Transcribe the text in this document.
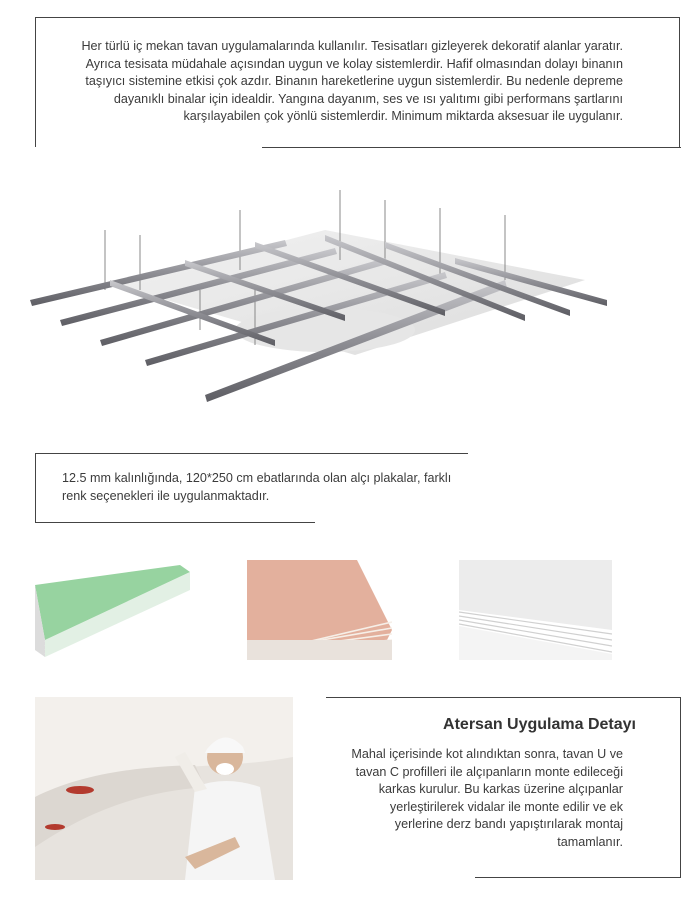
Her türlü iç mekan tavan uygulamalarında kullanılır. Tesisatları gizleyerek dekoratif alanlar yaratır. Ayrıca tesisata müdahale açısından uygun ve kolay sistemlerdir. Hafif olmasından dolayı binanın taşıyıcı sistemine etkisi çok azdır. Binanın hareketlerine uygun sistemlerdir. Bu nedenle depreme dayanıklı binalar için idealdir. Yangına dayanım, ses ve ısı yalıtımı gibi performans şartlarını karşılayabilen çok yönlü sistemlerdir. Minimum miktarda aksesuar ile uygulanır.
12.5 mm kalınlığında, 120*250 cm ebatlarında olan alçı plakalar, farklı renk seçenekleri ile uygulanmaktadır.
Atersan Uygulama Detayı
Mahal içerisinde kot alındıktan sonra, tavan U ve tavan C profilleri ile alçıpanların monte edileceği karkas kurulur. Bu karkas üzerine alçıpanlar yerleştirilerek vidalar ile monte edilir ve ek yerlerine derz bandı yapıştırılarak montaj tamamlanır.
